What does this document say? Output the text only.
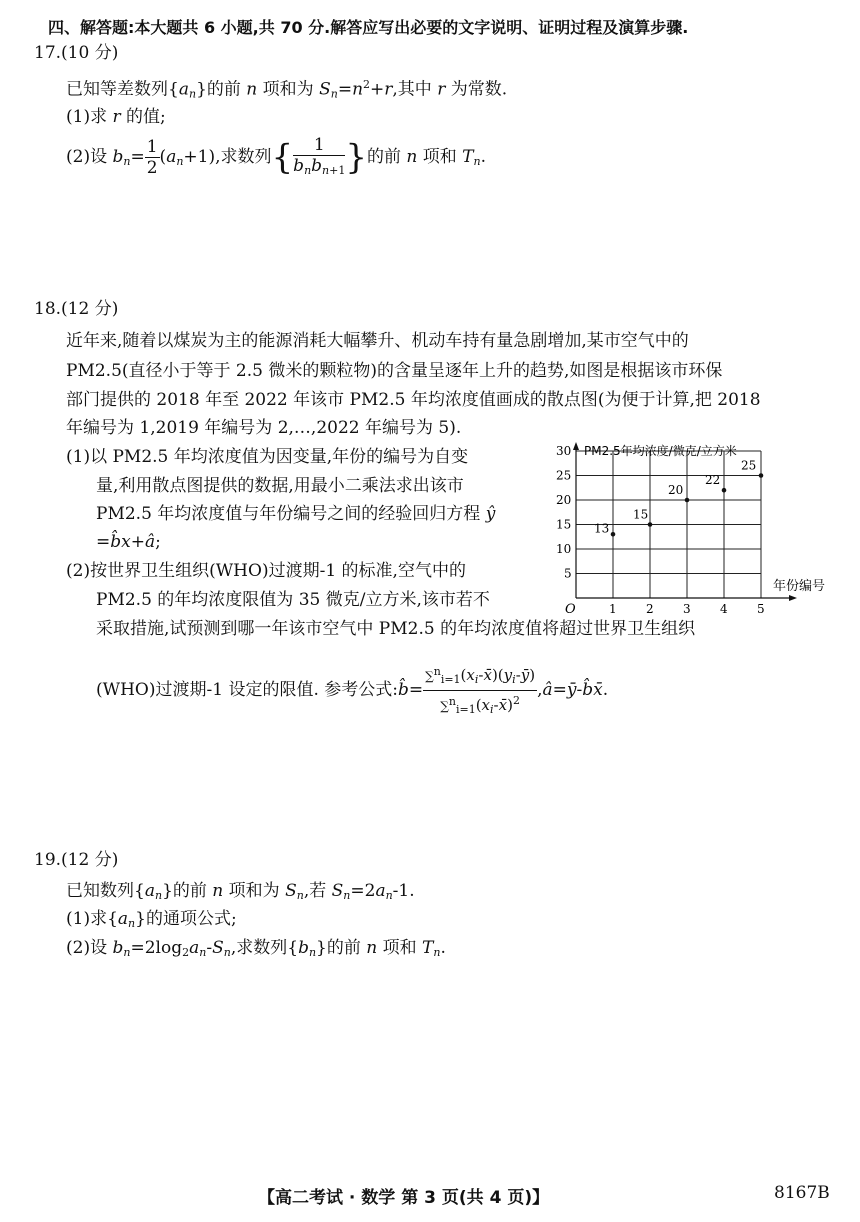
四、解答题:本大题共 6 小题,共 70 分.解答应写出必要的文字说明、证明过程及演算步骤.
17.(10 分)
已知等差数列$\{a_n\}$的前 n 项和为 $S_n=n^2+r$,其中 r 为常数.
(1)求 r 的值;
(2)设 $b_n= \frac{1}{2} (a_n+1)$,求数列{ $\frac{1}{b_nb_{n+1}}$ }的前 n 项和 $T_n$.
18.(12 分)
近年来,随着以煤炭为主的能源消耗大幅攀升、机动车持有量急剧增加,某市空气中的
PM2.5(直径小于等于 2.5 微米的颗粒物)的含量呈逐年上升的趋势,如图是根据该市环保
部门提供的 2018 年至 2022 年该市 PM2.5 年均浓度值画成的散点图(为便于计算,把 2018
年编号为 1,2019 年编号为 2,…,2022 年编号为 5).
(1)以 PM2.5 年均浓度值为因变量,年份的编号为自变
量,利用散点图提供的数据,用最小二乘法求出该市
PM2.5 年均浓度值与年份编号之间的经验回归方程 ŷ
=b̂x+â;
(2)按世界卫生组织(WHO)过渡期-1 的标准,空气中的
PM2.5 的年均浓度限值为 35 微克/立方米,该市若不
采取措施,试预测到哪一年该市空气中 PM2.5 的年均浓度值将超过世界卫生组织
(WHO)过渡期-1 设定的限值. 参考公式:b̂= $\frac{\sum^n_{i=1}(x_i-x̄)(y_i-ȳ)}{\sum^n_{i=1}(x_i-x̄)^2}$ ,â=ȳ-b̂x̄.
PM2.5年均浓度/微克/立方米
年份编号
O	1 2 3 4 5
5
10
15
20
25
30
13
15
20
22
25
19.(12 分)
已知数列$\{a_n\}$的前 n 项和为 $S_n$,若 $S_n=2a_n-1$.
(1)求$\{a_n\}$的通项公式;
(2)设 $b_n=2\log_2a_n-S_n$,求数列$\{b_n\}$的前 n 项和 $T_n$.
【高二考试 · 数学 第 3 页(共 4 页)】	8167B
